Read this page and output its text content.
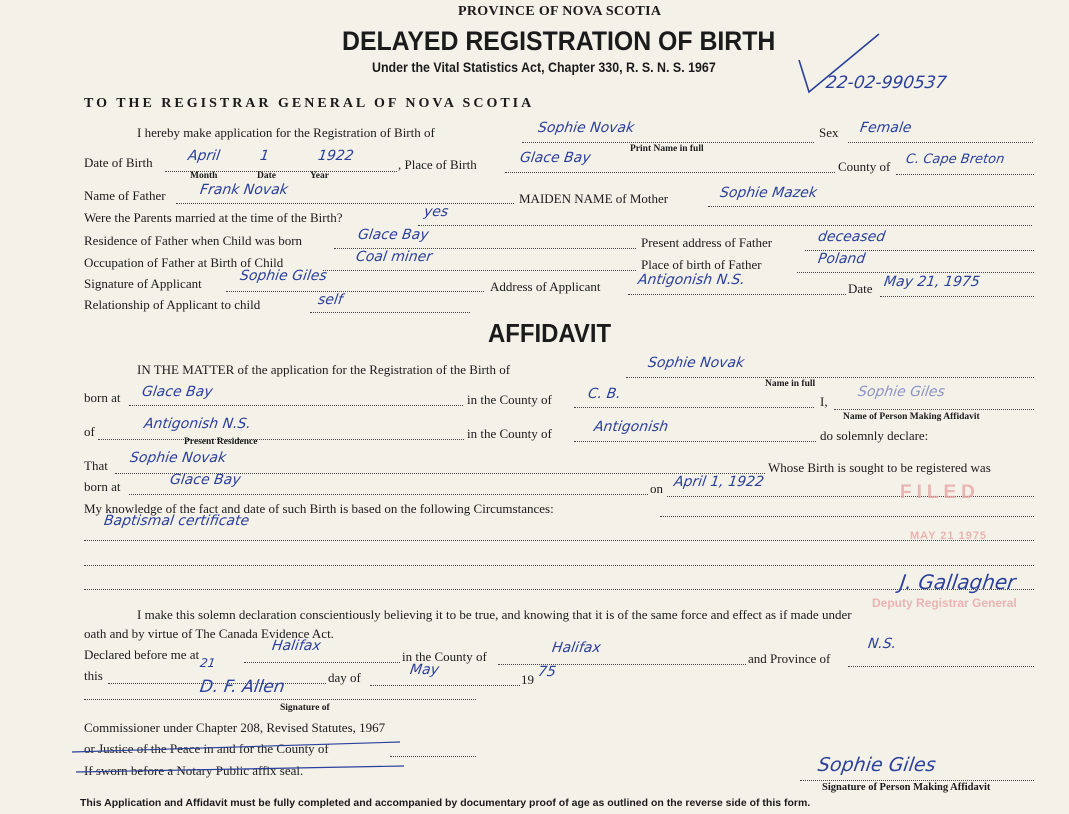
PROVINCE OF NOVA SCOTIA
DELAYED REGISTRATION OF BIRTH
Under the Vital Statistics Act, Chapter 330, R. S. N. S. 1967
22-02-990537
TO THE REGISTRAR GENERAL OF NOVA SCOTIA
I hereby make application for the Registration of Birth of	Sophie Novak
Print Name in full
Sex Female
Date of Birth April	1	1922
Month	Date	Year
, Place of Birth	Glace Bay
County of C. Cape Breton
Name of Father Frank Novak
MAIDEN NAME of Mother	Sophie Mazek
Were the Parents married at the time of the Birth?	yes
Residence of Father when Child was born	Glace Bay	Present address of Father	deceased
Occupation of Father at Birth of Child	Coal miner	Place of birth of Father	Poland
Signature of Applicant	Sophie Giles
Address of Applicant	Antigonish N.S.
Date May 21, 1975
Relationship of Applicant to child	self
AFFIDAVIT
IN THE MATTER of the application for the Registration of the Birth of	Sophie Novak
Name in full
born at Glace Bay	in the County of	C. B.	I,
Sophie Giles
Name of Person Making Affidavit
of	Antigonish N.S.
Present Residence
in the County of	Antigonish
do solemnly declare:
That Sophie Novak
Whose Birth is sought to be registered was
born at	Glace Bay
on April 1, 1922
My knowledge of the fact and date of such Birth is based on the following Circumstances:
Baptismal certificate
FILED
MAY 21 1975
J. Gallagher
Deputy Registrar General
I make this solemn declaration conscientiously believing it to be true, and knowing that it is of the same force and effect as if made under
oath and by virtue of The Canada Evidence Act.
Declared before me at
Halifax
in the County of
Halifax
and Province of
N.S.
this
21
day of	May
19 75
D. F. Allen
Signature of
Commissioner under Chapter 208, Revised Statutes, 1967
or Justice of the Peace in and for the County of
If sworn before a Notary Public affix seal.	Sophie Giles
Signature of Person Making Affidavit
This Application and Affidavit must be fully completed and accompanied by documentary proof of age as outlined on the reverse side of this form.
